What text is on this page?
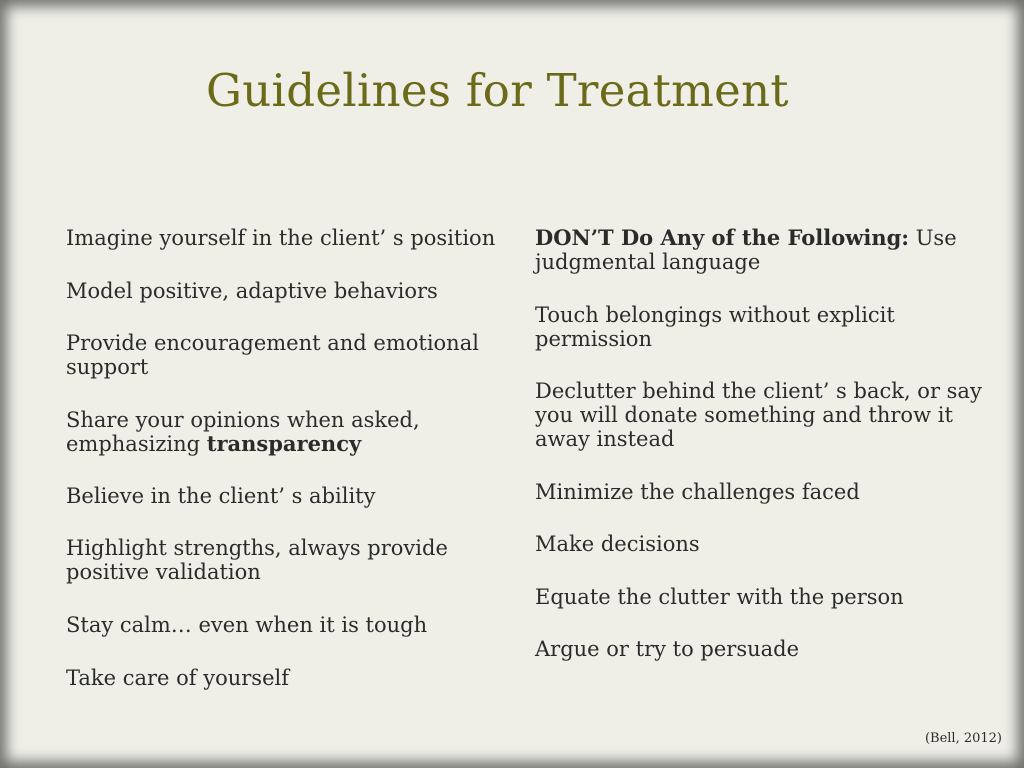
Guidelines for Treatment
Imagine yourself in the client’ s position
Model positive, adaptive behaviors
Provide encouragement and emotional support
Share your opinions when asked, emphasizing transparency
Believe in the client’ s ability
Highlight strengths, always provide positive validation
Stay calm… even when it is tough
Take care of yourself
DON’T Do Any of the Following: Use judgmental language
Touch belongings without explicit permission
Declutter behind the client’ s back, or say you will donate something and throw it away instead
Minimize the challenges faced
Make decisions
Equate the clutter with the person
Argue or try to persuade
(Bell, 2012)
